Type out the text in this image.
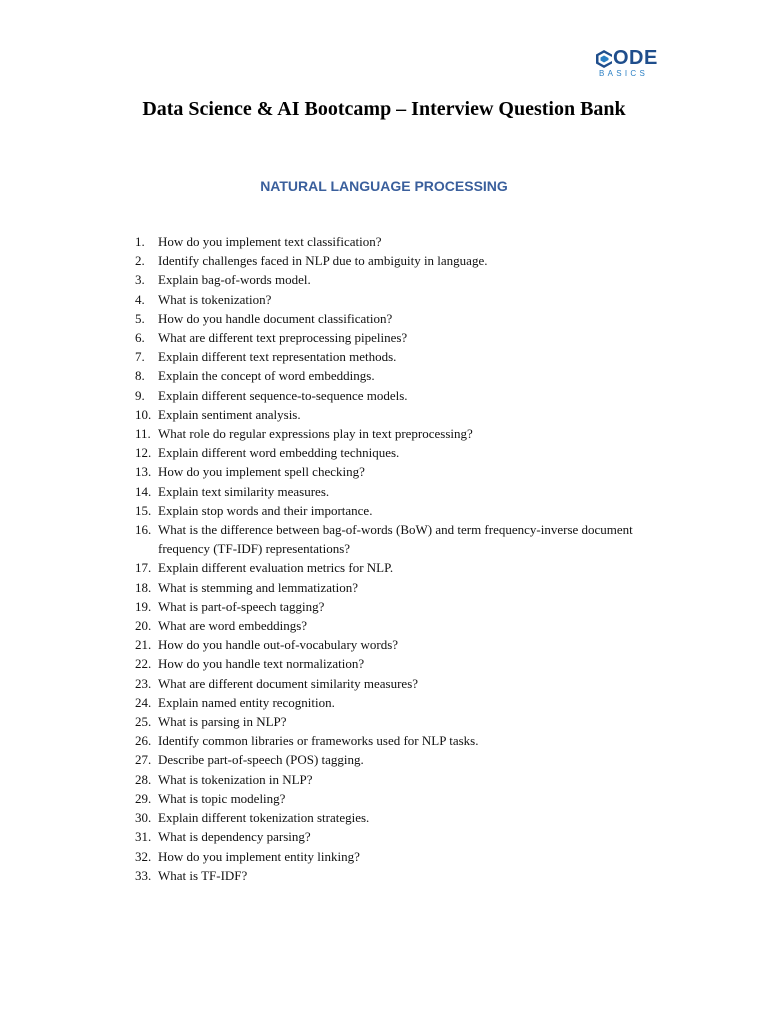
ODE
BASICS
Data Science & AI Bootcamp – Interview Question Bank
NATURAL LANGUAGE PROCESSING
1.	How do you implement text classification?
2.	Identify challenges faced in NLP due to ambiguity in language.
3.	Explain bag-of-words model.
4.	What is tokenization?
5.	How do you handle document classification?
6.	What are different text preprocessing pipelines?
7.	Explain different text representation methods.
8.	Explain the concept of word embeddings.
9.	Explain different sequence-to-sequence models.
10. Explain sentiment analysis.
11. What role do regular expressions play in text preprocessing?
12. Explain different word embedding techniques.
13. How do you implement spell checking?
14. Explain text similarity measures.
15. Explain stop words and their importance.
16. What is the difference between bag-of-words (BoW) and term frequency-inverse document frequency (TF-IDF) representations?
17. Explain different evaluation metrics for NLP.
18. What is stemming and lemmatization?
19. What is part-of-speech tagging?
20. What are word embeddings?
21. How do you handle out-of-vocabulary words?
22. How do you handle text normalization?
23. What are different document similarity measures?
24. Explain named entity recognition.
25. What is parsing in NLP?
26. Identify common libraries or frameworks used for NLP tasks.
27. Describe part-of-speech (POS) tagging.
28. What is tokenization in NLP?
29. What is topic modeling?
30. Explain different tokenization strategies.
31. What is dependency parsing?
32. How do you implement entity linking?
33. What is TF-IDF?
